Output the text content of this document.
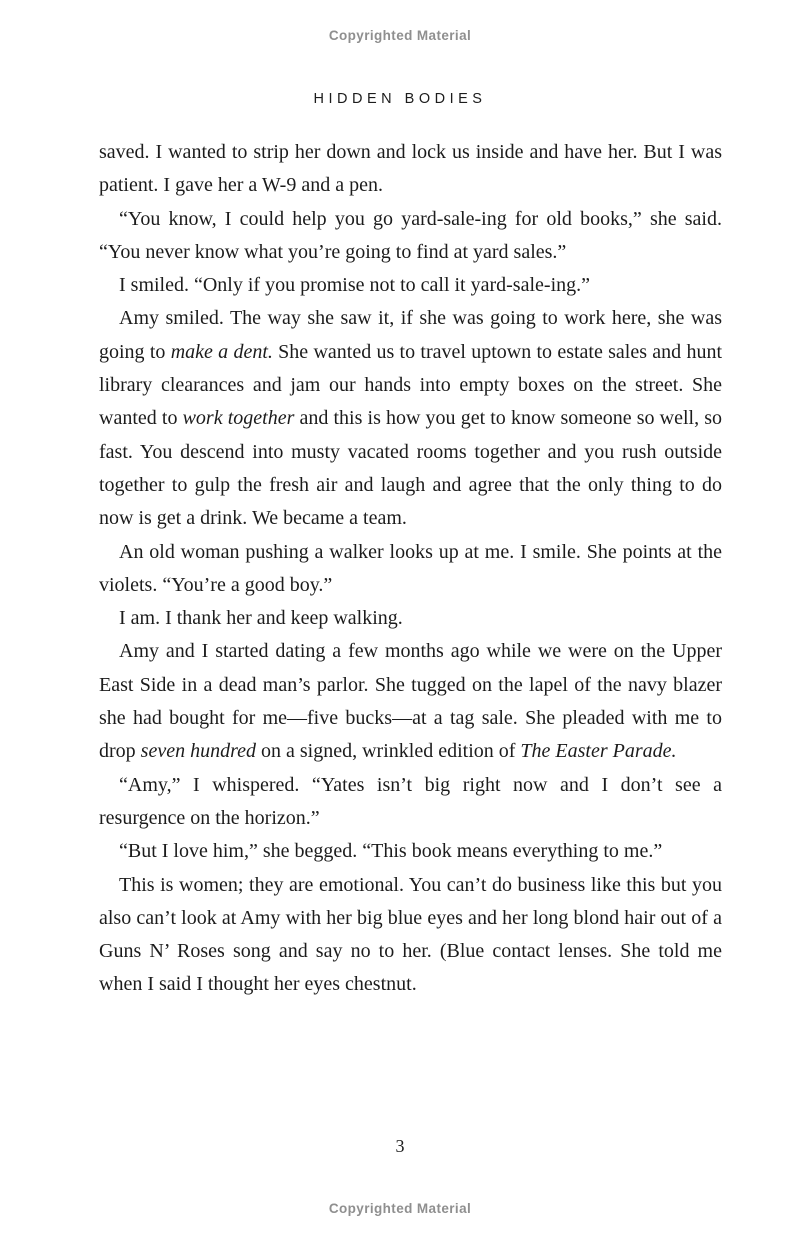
Copyrighted Material
HIDDEN BODIES

saved. I wanted to strip her down and lock us inside and have her. But I was patient. I gave her a W-9 and a pen.

“You know, I could help you go yard-sale-ing for old books,” she said. “You never know what you’re going to find at yard sales.”

I smiled. “Only if you promise not to call it yard-sale-ing.”

Amy smiled. The way she saw it, if she was going to work here, she was going to make a dent. She wanted us to travel uptown to estate sales and hunt library clearances and jam our hands into empty boxes on the street. She wanted to work together and this is how you get to know someone so well, so fast. You descend into musty vacated rooms together and you rush outside together to gulp the fresh air and laugh and agree that the only thing to do now is get a drink. We became a team.

An old woman pushing a walker looks up at me. I smile. She points at the violets. “You’re a good boy.”

I am. I thank her and keep walking.

Amy and I started dating a few months ago while we were on the Upper East Side in a dead man’s parlor. She tugged on the lapel of the navy blazer she had bought for me—five bucks—at a tag sale. She pleaded with me to drop seven hundred on a signed, wrinkled edition of The Easter Parade.

“Amy,” I whispered. “Yates isn’t big right now and I don’t see a resurgence on the horizon.”

“But I love him,” she begged. “This book means everything to me.”

This is women; they are emotional. You can’t do business like this but you also can’t look at Amy with her big blue eyes and her long blond hair out of a Guns N’ Roses song and say no to her. (Blue contact lenses. She told me when I said I thought her eyes chestnut.

3
Copyrighted Material
